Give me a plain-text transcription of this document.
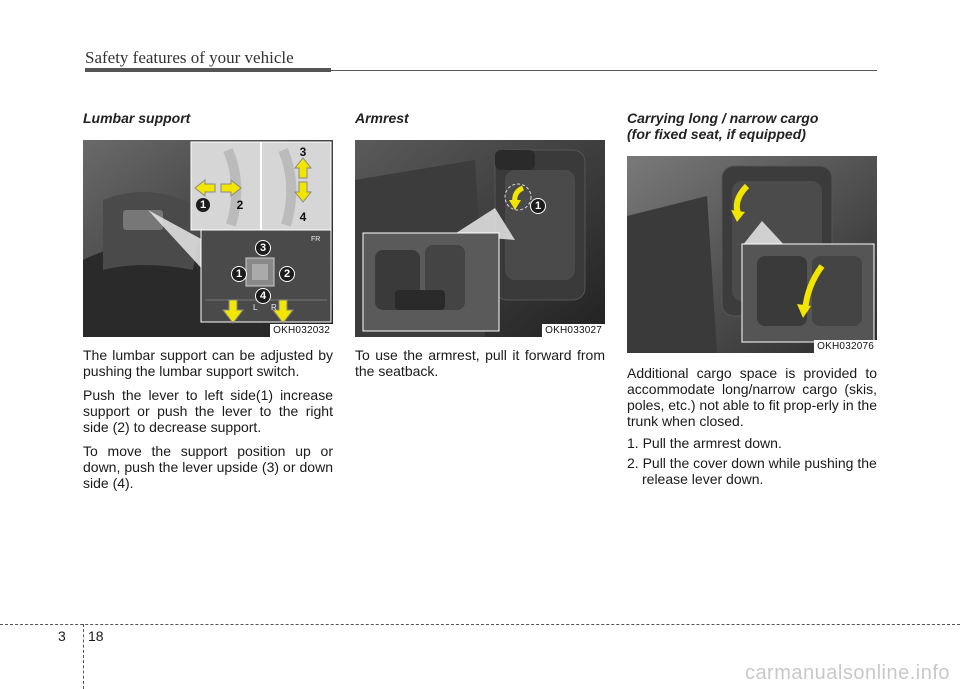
Safety features of your vehicle
Lumbar support
1	2
3
4
1	2
3
4
L R
FR
OKH032032

The lumbar support can be adjusted by pushing the lumbar support switch.

Push the lever to left side(1) increase support or push the lever to the right side (2) to decrease support.

To move the support position up or down, push the lever upside (3) or down side (4).

Armrest
1
OKH033027

To use the armrest, pull it forward from the seatback.

Carrying long / narrow cargo
(for fixed seat, if equipped)
OKH032076

Additional cargo space is provided to accommodate long/narrow cargo (skis, poles, etc.) not able to fit prop-erly in the trunk when closed.

1. Pull the armrest down.
2. Pull the cover down while pushing the release lever down.
3 18
carmanualsonline.info
